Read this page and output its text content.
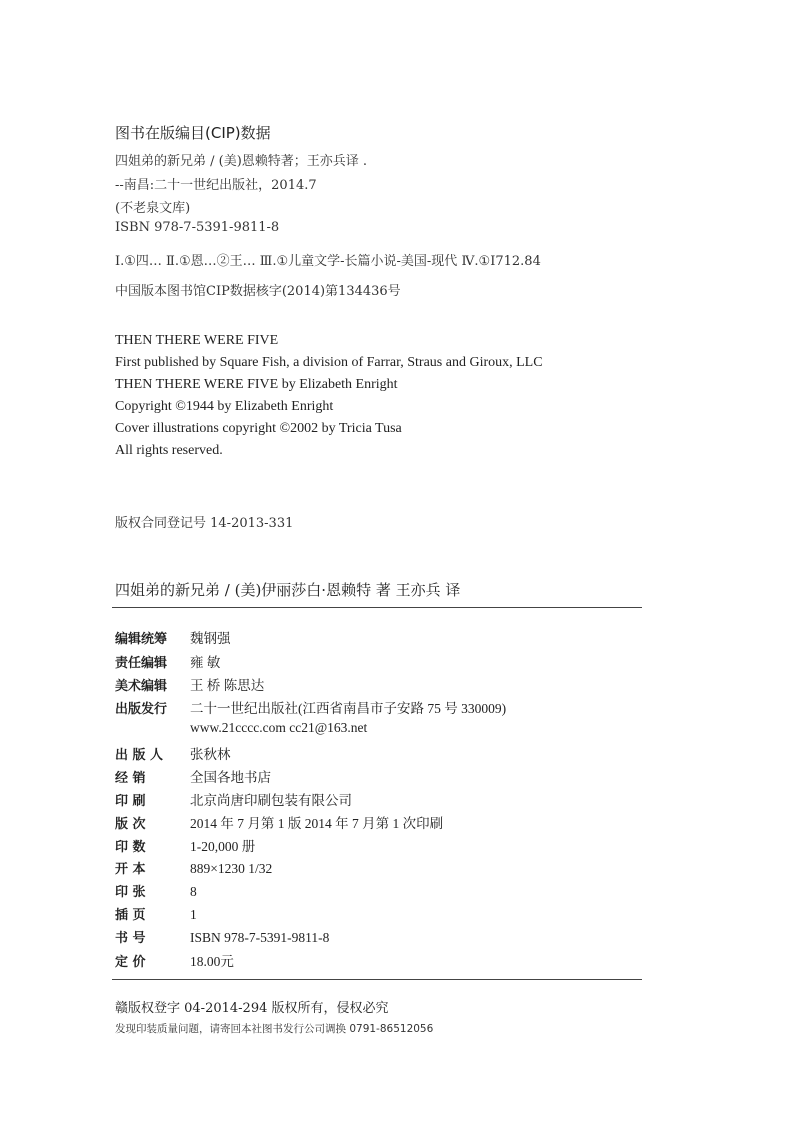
图书在版编目(CIP)数据
四姐弟的新兄弟 / (美)恩赖特著；王亦兵译 .
--南昌:二十一世纪出版社，2014.7
(不老泉文库)
ISBN 978-7-5391-9811-8
Ⅰ.①四… Ⅱ.①恩…②王… Ⅲ.①儿童文学-长篇小说-美国-现代 Ⅳ.①I712.84
中国版本图书馆CIP数据核字(2014)第134436号
THEN THERE WERE FIVE
First published by Square Fish, a division of Farrar, Straus and Giroux, LLC
THEN THERE WERE FIVE by Elizabeth Enright
Copyright ©1944 by Elizabeth Enright
Cover illustrations copyright ©2002 by Tricia Tusa
All rights reserved.
版权合同登记号 14-2013-331
四姐弟的新兄弟 / (美)伊丽莎白·恩赖特 著 王亦兵 译
编辑统筹 魏钢强
责任编辑 雍 敏
美术编辑 王 桥 陈思达
出版发行 二十一世纪出版社(江西省南昌市子安路 75 号 330009)
www.21cccc.com cc21@163.net
出 版 人 张秋林
经 销	全国各地书店
印 刷	北京尚唐印刷包装有限公司
版 次	2014 年 7 月第 1 版 2014 年 7 月第 1 次印刷
印 数	1-20,000 册
开 本	889×1230 1/32
印 张	8
插 页	1
书 号	ISBN 978-7-5391-9811-8
定 价	18.00元
赣版权登字 04-2014-294 版权所有，侵权必究
发现印装质量问题，请寄回本社图书发行公司调换 0791-86512056
